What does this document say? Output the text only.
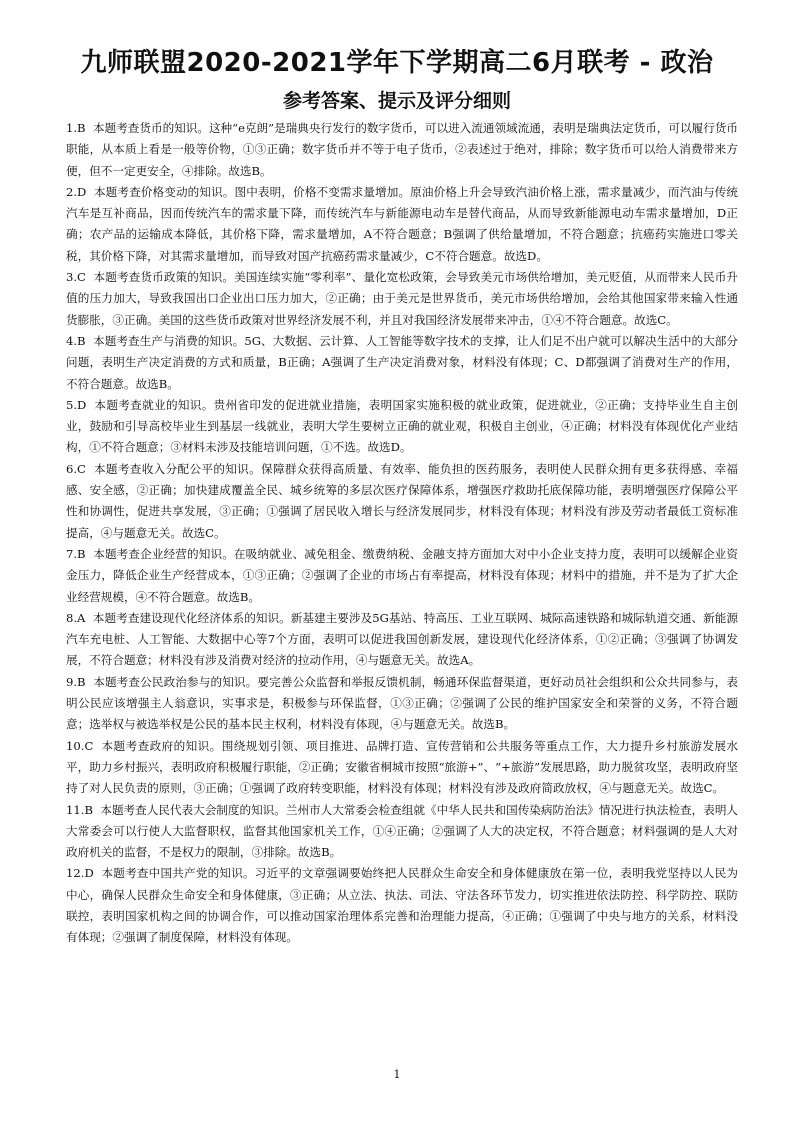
九师联盟2020-2021学年下学期高二6月联考 - 政治
参考答案、提示及评分细则

1.B 本题考查货币的知识。这种“e克朗”是瑞典央行发行的数字货币，可以进入流通领域流通，表明是瑞典法定货币，可以履行货币职能，从本质上看是一般等价物，①③正确；数字货币并不等于电子货币，②表述过于绝对，排除；数字货币可以给人消费带来方便，但不一定更安全，④排除。故选B。

2.D 本题考查价格变动的知识。图中表明，价格不变需求量增加。原油价格上升会导致汽油价格上涨，需求量减少，而汽油与传统汽车是互补商品，因而传统汽车的需求量下降，而传统汽车与新能源电动车是替代商品，从而导致新能源电动车需求量增加，D正确；农产品的运输成本降低，其价格下降，需求量增加，A不符合题意；B强调了供给量增加，不符合题意；抗癌药实施进口零关税，其价格下降，对其需求量增加，而导致对国产抗癌药需求量减少，C不符合题意。故选D。

3.C 本题考查货币政策的知识。美国连续实施“零利率”、量化宽松政策，会导致美元市场供给增加，美元贬值，从而带来人民币升值的压力加大，导致我国出口企业出口压力加大，②正确；由于美元是世界货币，美元市场供给增加，会给其他国家带来输入性通货膨胀，③正确。美国的这些货币政策对世界经济发展不利，并且对我国经济发展带来冲击，①④不符合题意。故选C。

4.B 本题考查生产与消费的知识。5G、大数据、云计算、人工智能等数字技术的支撑，让人们足不出户就可以解决生活中的大部分问题，表明生产决定消费的方式和质量，B正确；A强调了生产决定消费对象，材料没有体现；C、D都强调了消费对生产的作用，不符合题意。故选B。

5.D 本题考查就业的知识。贵州省印发的促进就业措施，表明国家实施积极的就业政策，促进就业，②正确；支持毕业生自主创业，鼓励和引导高校毕业生到基层一线就业，表明大学生要树立正确的就业观，积极自主创业，④正确；材料没有体现优化产业结构，①不符合题意；③材料未涉及技能培训问题，①不选。故选D。

6.C 本题考查收入分配公平的知识。保障群众获得高质量、有效率、能负担的医药服务，表明使人民群众拥有更多获得感、幸福感、安全感，②正确；加快建成覆盖全民、城乡统筹的多层次医疗保障体系，增强医疗救助托底保障功能，表明增强医疗保障公平性和协调性，促进共享发展，③正确；①强调了居民收入增长与经济发展同步，材料没有体现；材料没有涉及劳动者最低工资标准提高，④与题意无关。故选C。

7.B 本题考查企业经营的知识。在吸纳就业、减免租金、缴费纳税、金融支持方面加大对中小企业支持力度，表明可以缓解企业资金压力，降低企业生产经营成本，①③正确；②强调了企业的市场占有率提高，材料没有体现；材料中的措施，并不是为了扩大企业经营规模，④不符合题意。故选B。

8.A 本题考查建设现代化经济体系的知识。新基建主要涉及5G基站、特高压、工业互联网、城际高速铁路和城际轨道交通、新能源汽车充电桩、人工智能、大数据中心等7个方面，表明可以促进我国创新发展，建设现代化经济体系，①②正确；③强调了协调发展，不符合题意；材料没有涉及消费对经济的拉动作用，④与题意无关。故选A。

9.B 本题考查公民政治参与的知识。要完善公众监督和举报反馈机制，畅通环保监督渠道，更好动员社会组织和公众共同参与，表明公民应该增强主人翁意识，实事求是，积极参与环保监督，①③正确；②强调了公民的维护国家安全和荣誉的义务，不符合题意；选举权与被选举权是公民的基本民主权利，材料没有体现，④与题意无关。故选B。

10.C 本题考查政府的知识。围绕规划引领、项目推进、品牌打造、宣传营销和公共服务等重点工作，大力提升乡村旅游发展水平，助力乡村振兴，表明政府积极履行职能，②正确；安徽省桐城市按照“旅游+”、“+旅游”发展思路，助力脱贫攻坚，表明政府坚持了对人民负责的原则，③正确；①强调了政府转变职能，材料没有体现；材料没有涉及政府简政放权，④与题意无关。故选C。

11.B 本题考查人民代表大会制度的知识。兰州市人大常委会检查组就《中华人民共和国传染病防治法》情况进行执法检查，表明人大常委会可以行使人大监督职权，监督其他国家机关工作，①④正确；②强调了人大的决定权，不符合题意；材料强调的是人大对政府机关的监督，不是权力的限制，③排除。故选B。

12.D 本题考查中国共产党的知识。习近平的文章强调要始终把人民群众生命安全和身体健康放在第一位，表明我党坚持以人民为中心，确保人民群众生命安全和身体健康，③正确；从立法、执法、司法、守法各环节发力，切实推进依法防控、科学防控、联防联控，表明国家机构之间的协调合作，可以推动国家治理体系完善和治理能力提高，④正确；①强调了中央与地方的关系，材料没有体现；②强调了制度保障，材料没有体现。

1
